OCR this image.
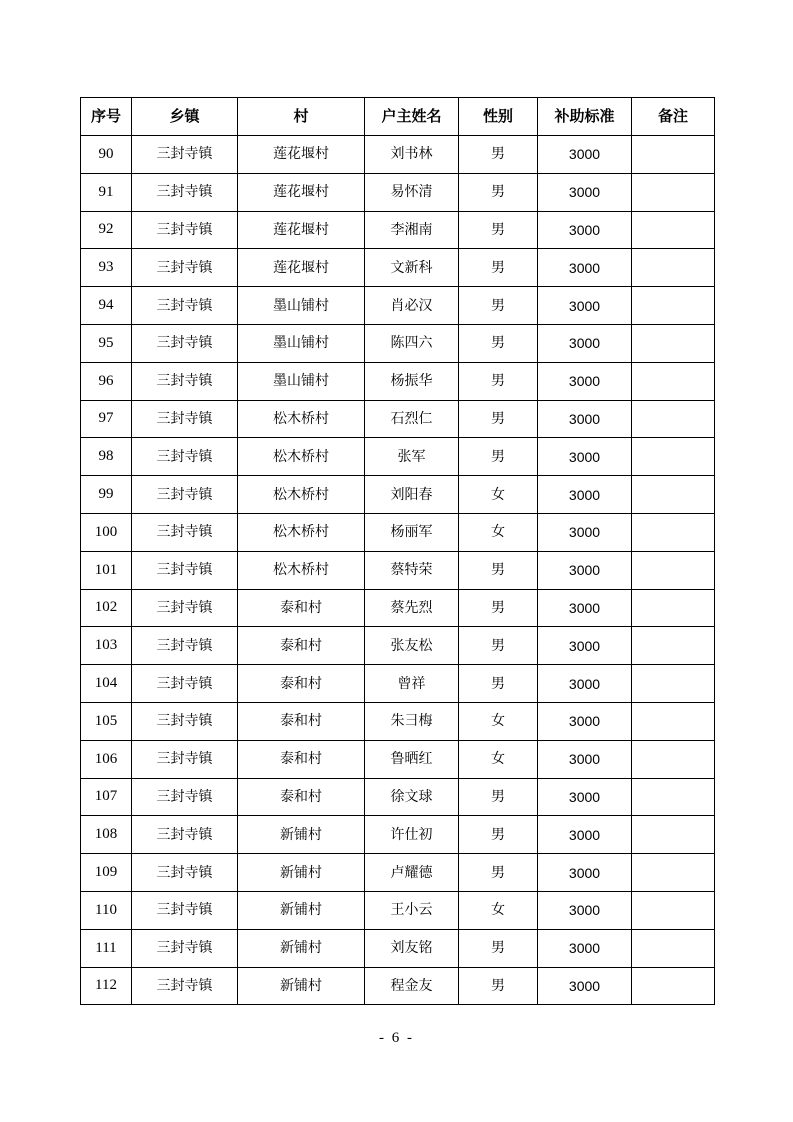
序号	乡镇	村	户主姓名	性别	补助标准	备注
90	三封寺镇	莲花堰村	刘书林	男	3000	
91	三封寺镇	莲花堰村	易怀清	男	3000	
92	三封寺镇	莲花堰村	李湘南	男	3000	
93	三封寺镇	莲花堰村	文新科	男	3000	
94	三封寺镇	墨山铺村	肖必汉	男	3000	
95	三封寺镇	墨山铺村	陈四六	男	3000	
96	三封寺镇	墨山铺村	杨振华	男	3000	
97	三封寺镇	松木桥村	石烈仁	男	3000	
98	三封寺镇	松木桥村	张军	男	3000	
99	三封寺镇	松木桥村	刘阳春	女	3000	
100	三封寺镇	松木桥村	杨丽军	女	3000	
101	三封寺镇	松木桥村	蔡特荣	男	3000	
102	三封寺镇	泰和村	蔡先烈	男	3000	
103	三封寺镇	泰和村	张友松	男	3000	
104	三封寺镇	泰和村	曾祥	男	3000	
105	三封寺镇	泰和村	朱彐梅	女	3000	
106	三封寺镇	泰和村	鲁晒红	女	3000	
107	三封寺镇	泰和村	徐文球	男	3000	
108	三封寺镇	新铺村	许仕初	男	3000	
109	三封寺镇	新铺村	卢耀德	男	3000	
110	三封寺镇	新铺村	王小云	女	3000	
111	三封寺镇	新铺村	刘友铭	男	3000	
112	三封寺镇	新铺村	程金友	男	3000	
- 6 -
